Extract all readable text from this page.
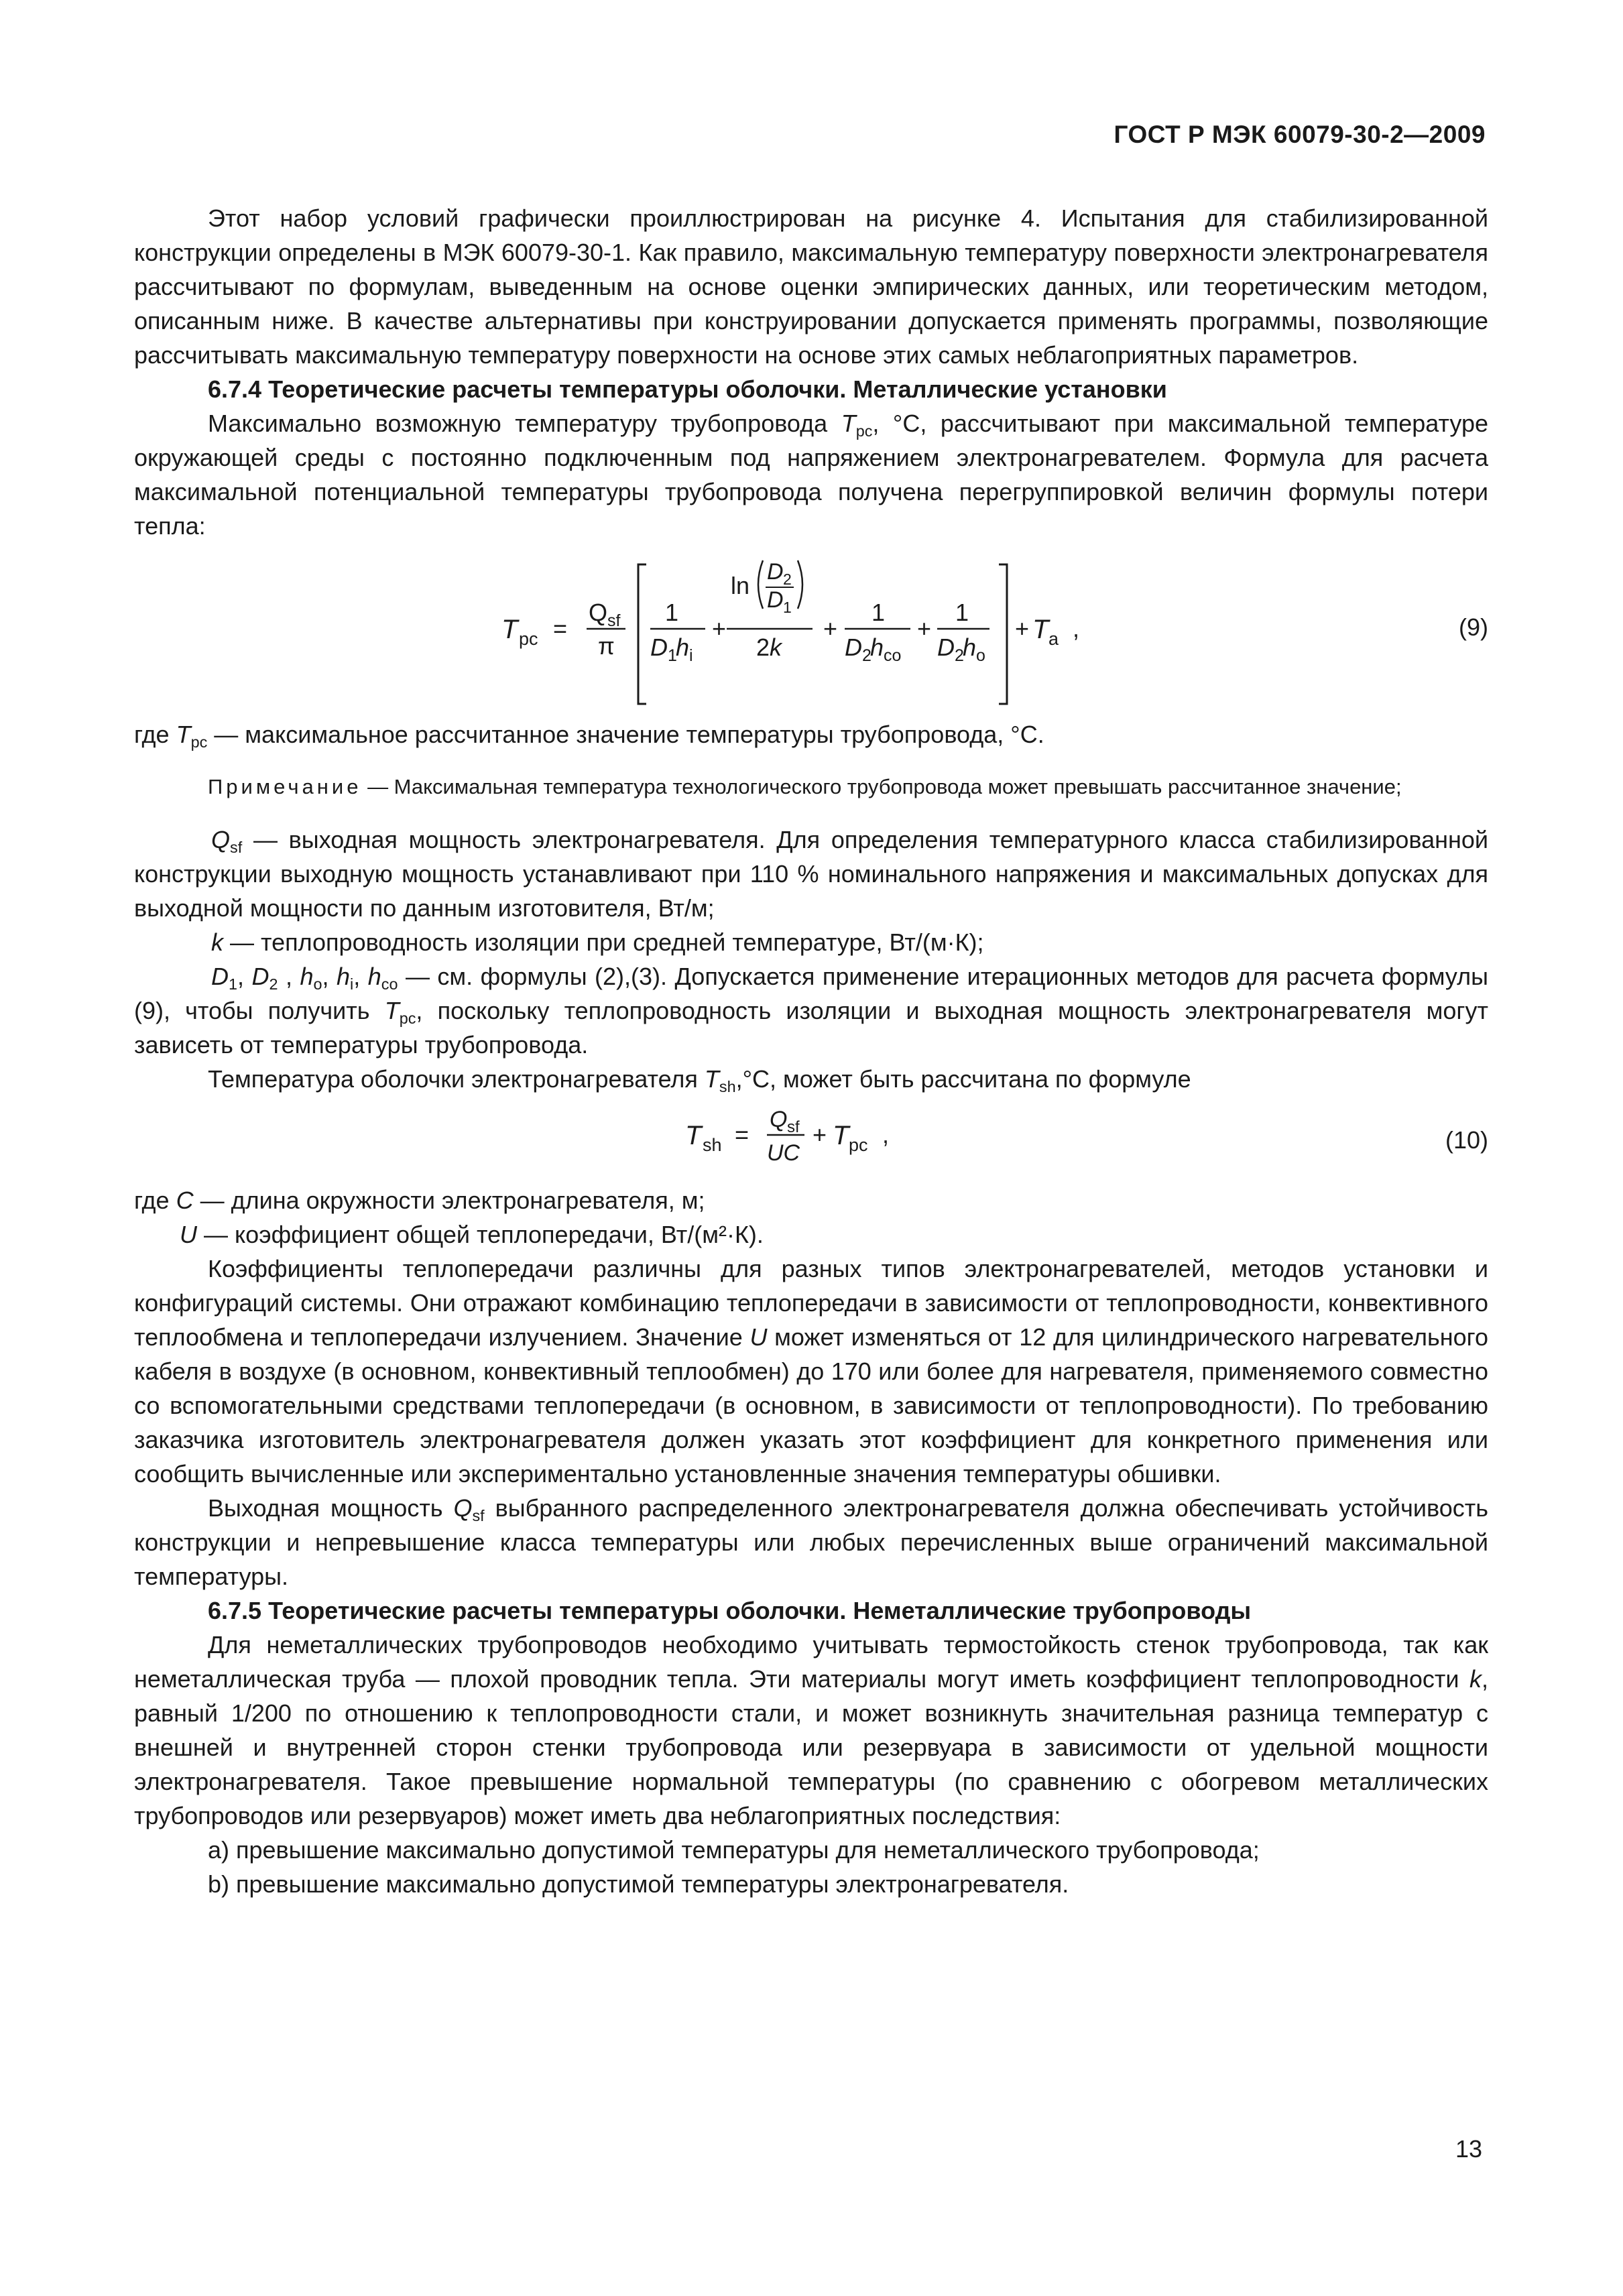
ГОСТ Р МЭК 60079-30-2—2009

Этот набор условий графически проиллюстрирован на рисунке 4. Испытания для стабилизированной конструкции определены в МЭК 60079-30-1. Как правило, максимальную температуру поверхности электронагревателя рассчитывают по формулам, выведенным на основе оценки эмпирических данных, или теоретическим методом, описанным ниже. В качестве альтернативы при конструировании допускается применять программы, позволяющие рассчитывать максимальную температуру поверхности на основе этих самых неблагоприятных параметров.

6.7.4 Теоретические расчеты температуры оболочки. Металлические установки

Максимально возможную температуру трубопровода $T_{pc}$, °С, рассчитывают при максимальной температуре окружающей среды с постоянно подключенным под напряжением электронагревателем. Формула для расчета максимальной потенциальной температуры трубопровода получена перегруппировкой величин формулы потери тепла:

T pc =
Q sf
π
1
D 1
h i
+
ln D 2
D 1
2 k
+
1
D 2
h co
+
1
D 2
h o
+ T a ,	(9)

где $T_{pc}$ — максимальное рассчитанное значение температуры трубопровода, °С.

Примечание — Максимальная температура технологического трубопровода может превышать рассчитанное значение;

$Q_{sf}$ — выходная мощность электронагревателя. Для определения температурного класса стабилизированной конструкции выходную мощность устанавливают при 110 % номинального напряжения и максимальных допусках для выходной мощности по данным изготовителя, Вт/м;

k — теплопроводность изоляции при средней температуре, Вт/(м·К);

$D_1$, $D_2$ , $h_o$, $h_i$, $h_{co}$ — см. формулы (2),(3). Допускается применение итерационных методов для расчета формулы (9), чтобы получить $T_{pc}$, поскольку теплопроводность изоляции и выходная мощность электронагревателя могут зависеть от температуры трубопровода.

Температура оболочки электронагревателя $T_{sh},^\circ С$, может быть рассчитана по формуле

T sh =
Q sf
UC
+ T pc ,	(10)

где C — длина окружности электронагревателя, м;

U — коэффициент общей теплопередачи, Вт/(м²·К).

Коэффициенты теплопередачи различны для разных типов электронагревателей, методов установки и конфигураций системы. Они отражают комбинацию теплопередачи в зависимости от теплопроводности, конвективного теплообмена и теплопередачи излучением. Значение U может изменяться от 12 для цилиндрического нагревательного кабеля в воздухе (в основном, конвективный теплообмен) до 170 или более для нагревателя, применяемого совместно со вспомогательными средствами теплопередачи (в основном, в зависимости от теплопроводности). По требованию заказчика изготовитель электронагревателя должен указать этот коэффициент для конкретного применения или сообщить вычисленные или экспериментально установленные значения температуры обшивки.

Выходная мощность $Q_{sf}$ выбранного распределенного электронагревателя должна обеспечивать устойчивость конструкции и непревышение класса температуры или любых перечисленных выше ограничений максимальной температуры.

6.7.5 Теоретические расчеты температуры оболочки. Неметаллические трубопроводы

Для неметаллических трубопроводов необходимо учитывать термостойкость стенок трубопровода, так как неметаллическая труба — плохой проводник тепла. Эти материалы могут иметь коэффициент теплопроводности k, равный 1/200 по отношению к теплопроводности стали, и может возникнуть значительная разница температур с внешней и внутренней сторон стенки трубопровода или резервуара в зависимости от удельной мощности электронагревателя. Такое превышение нормальной температуры (по сравнению с обогревом металлических трубопроводов или резервуаров) может иметь два неблагоприятных последствия:

a) превышение максимально допустимой температуры для неметаллического трубопровода;

b) превышение максимально допустимой температуры электронагревателя.

13
